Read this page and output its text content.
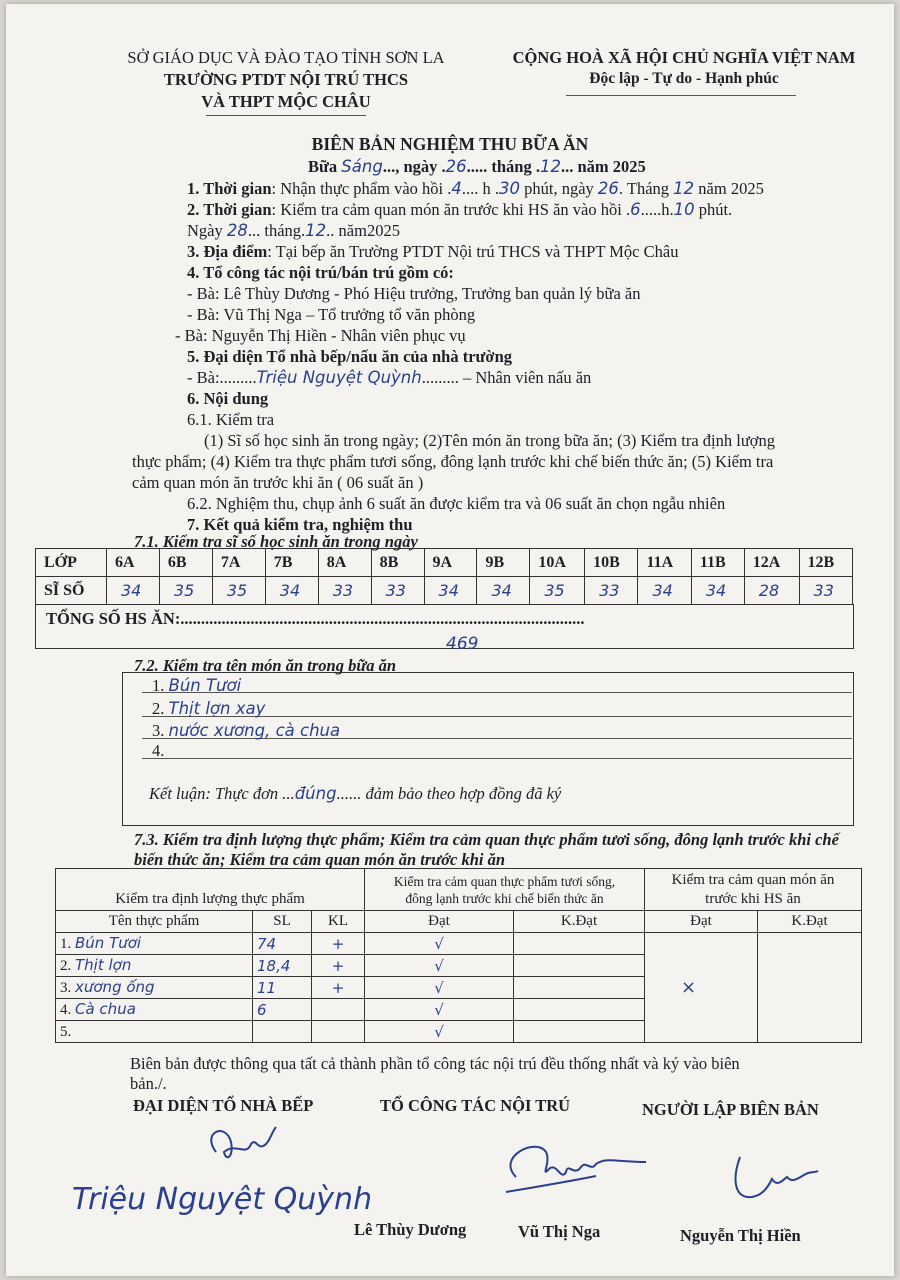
SỞ GIÁO DỤC VÀ ĐÀO TẠO TỈNH SƠN LA
TRƯỜNG PTDT NỘI TRÚ THCS
VÀ THPT MỘC CHÂU
CỘNG HOÀ XÃ HỘI CHỦ NGHĨA VIỆT NAM
Độc lập - Tự do - Hạnh phúc
BIÊN BẢN NGHIỆM THU BỮA ĂN
Bữa Sáng..., ngày .26..... tháng .12... năm 2025
1. Thời gian: Nhận thực phẩm vào hồi .4.... h .30 phút, ngày 26. Tháng 12 năm 2025
2. Thời gian: Kiểm tra cảm quan món ăn trước khi HS ăn vào hồi .6.....h.10 phút.
Ngày 28... tháng.12.. năm2025
3. Địa điểm: Tại bếp ăn Trường PTDT Nội trú THCS và THPT Mộc Châu
4. Tổ công tác nội trú/bán trú gồm có:
- Bà: Lê Thùy Dương - Phó Hiệu trưởng, Trưởng ban quản lý bữa ăn
- Bà: Vũ Thị Nga – Tổ trưởng tổ văn phòng
- Bà: Nguyễn Thị Hiền - Nhân viên phục vụ
5. Đại diện Tổ nhà bếp/nấu ăn của nhà trường
- Bà:.........Triệu Nguyệt Quỳnh......... – Nhân viên nấu ăn
6. Nội dung
6.1. Kiểm tra
(1) Sĩ số học sinh ăn trong ngày; (2)Tên món ăn trong bữa ăn; (3) Kiểm tra định lượng
thực phẩm; (4) Kiểm tra thực phẩm tươi sống, đông lạnh trước khi chế biến thức ăn; (5) Kiểm tra
cảm quan món ăn trước khi ăn ( 06 suất ăn )
6.2. Nghiệm thu, chụp ảnh 6 suất ăn được kiểm tra và 06 suất ăn chọn ngẫu nhiên
7. Kết quả kiểm tra, nghiệm thu
7.1. Kiểm tra sĩ số học sinh ăn trong ngày
LỚP	6A	6B	7A	7B	8A	8B	9A	9B	10A	10B	11A	11B	12A	12B
SĨ SỐ	34	35	35	34	33	33	34	34	35	33	34	34	28	33
TỔNG SỐ HS ĂN:..................................................................................................
469
7.2. Kiểm tra tên món ăn trong bữa ăn
1. Bún Tươi
2. Thịt lợn xay
3. nước xương, cà chua
4.
Kết luận: Thực đơn ...đúng...... đảm bảo theo hợp đồng đã ký
7.3. Kiểm tra định lượng thực phẩm; Kiểm tra cảm quan thực phẩm tươi sống, đông lạnh trước khi chế
biến thức ăn; Kiểm tra cảm quan món ăn trước khi ăn
Kiểm tra định lượng thực phẩm			Kiểm tra cảm quan thực phẩm tươi sống,
đông lạnh trước khi chế biến thức ăn		Kiểm tra cảm quan món ăn
trước khi HS ăn	
Tên thực phẩm	SL	KL	Đạt	K.Đạt	Đạt	K.Đạt
1. Bún Tươi	74	+	√		×	
2. Thịt lợn	18,4	+	√			
3. xương ống	11	+	√			
4. Cà chua	6		√			
5.			√			
Biên bản được thông qua tất cả thành phần tổ công tác nội trú đều thống nhất và ký vào biên
bản./.
ĐẠI DIỆN TỔ NHÀ BẾP	TỔ CÔNG TÁC NỘI TRÚ	NGƯỜI LẬP BIÊN BẢN
Triệu Nguyệt Quỳnh
Lê Thùy Dương	Vũ Thị Nga	Nguyễn Thị Hiền
